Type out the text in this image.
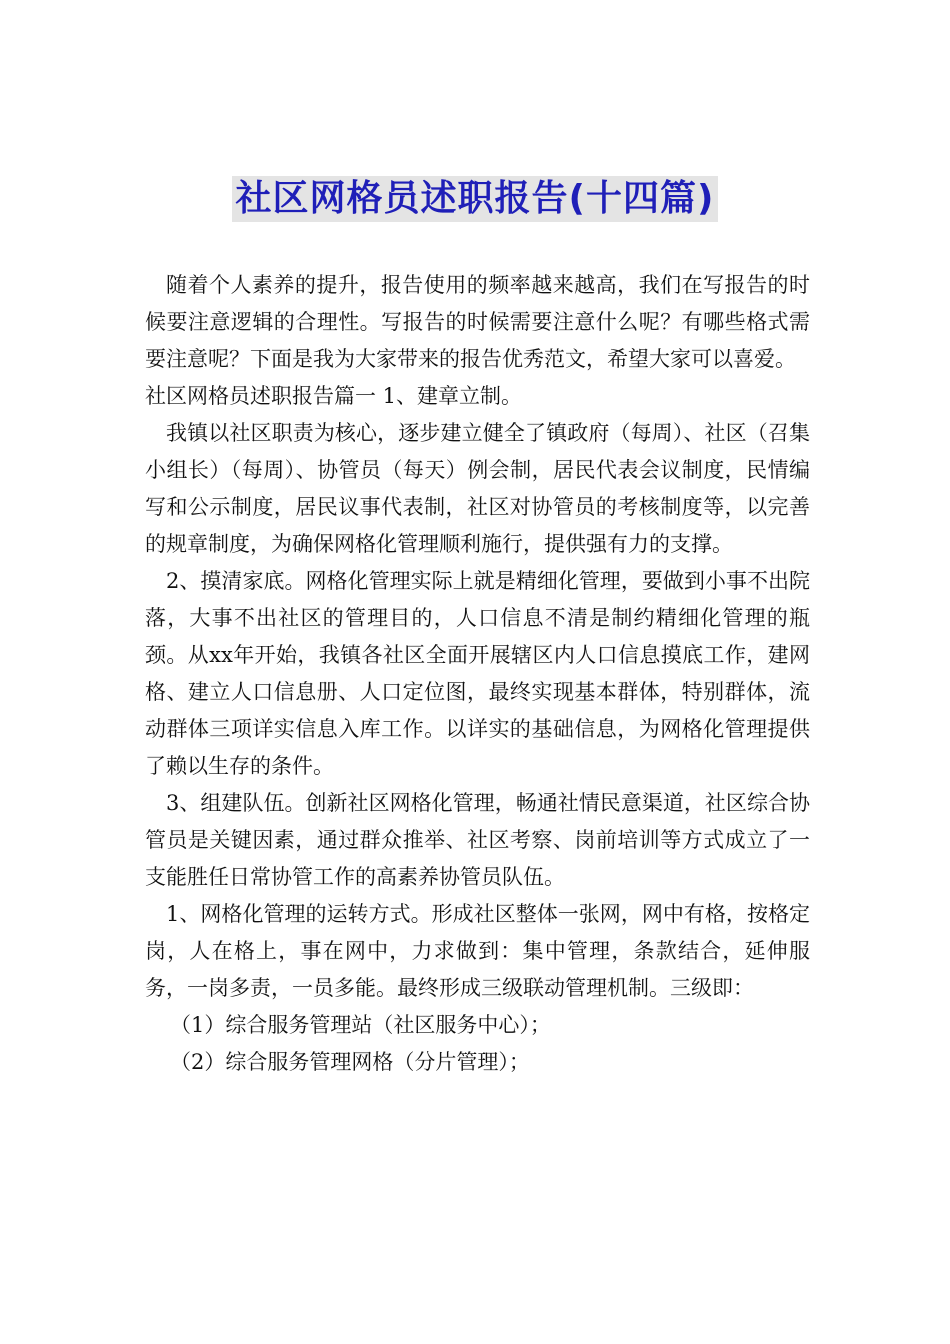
社区网格员述职报告(十四篇)

随着个人素养的提升，报告使用的频率越来越高，我们在写报告的时候要注意逻辑的合理性。写报告的时候需要注意什么呢？有哪些格式需要注意呢？下面是我为大家带来的报告优秀范文，希望大家可以喜爱。

社区网格员述职报告篇一 1、建章立制。

我镇以社区职责为核心，逐步建立健全了镇政府（每周）、社区（召集小组长）（每周）、协管员（每天）例会制，居民代表会议制度，民情编写和公示制度，居民议事代表制，社区对协管员的考核制度等，以完善的规章制度，为确保网格化管理顺利施行，提供强有力的支撑。

2、摸清家底。网格化管理实际上就是精细化管理，要做到小事不出院落，大事不出社区的管理目的，人口信息不清是制约精细化管理的瓶颈。从xx年开始，我镇各社区全面开展辖区内人口信息摸底工作，建网格、建立人口信息册、人口定位图，最终实现基本群体，特别群体，流动群体三项详实信息入库工作。以详实的基础信息，为网格化管理提供了赖以生存的条件。

3、组建队伍。创新社区网格化管理，畅通社情民意渠道，社区综合协管员是关键因素，通过群众推举、社区考察、岗前培训等方式成立了一支能胜任日常协管工作的高素养协管员队伍。

1、网格化管理的运转方式。形成社区整体一张网，网中有格，按格定岗，人在格上，事在网中，力求做到：集中管理，条款结合，延伸服务，一岗多责，一员多能。最终形成三级联动管理机制。三级即：

（1）综合服务管理站（社区服务中心）；

（2）综合服务管理网格（分片管理）；
